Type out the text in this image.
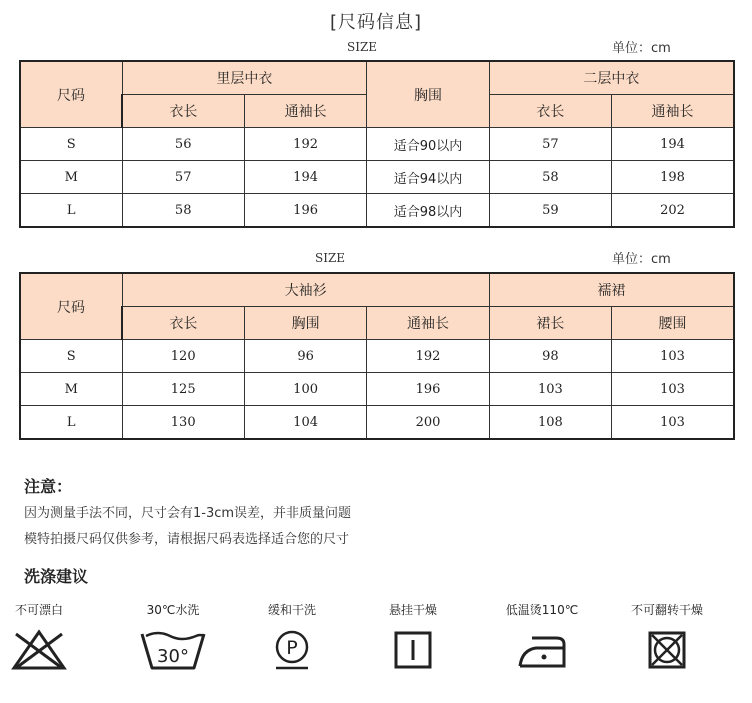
[尺码信息]
SIZE	单位：cm
尺码	里层中衣		胸围	二层中衣	
	衣长	通袖长		衣长	通袖长
S	56	192	适合90以内	57	194
M	57	194	适合94以内	58	198
L	58	196	适合98以内	59	202
SIZE	单位：cm
尺码	大袖衫			襦裙	
	衣长	胸围	通袖长	裙长	腰围
S	120	96	192	98	103
M	125	100	196	103	103
L	130	104	200	108	103
注意：
因为测量手法不同，尺寸会有1-3cm误差，并非质量问题
模特拍摄尺码仅供参考，请根据尺码表选择适合您的尺寸
洗涤建议
不可漂白	30℃水洗
30°
缓和干洗
P
悬挂干燥	低温烫110℃	不可翻转干燥
